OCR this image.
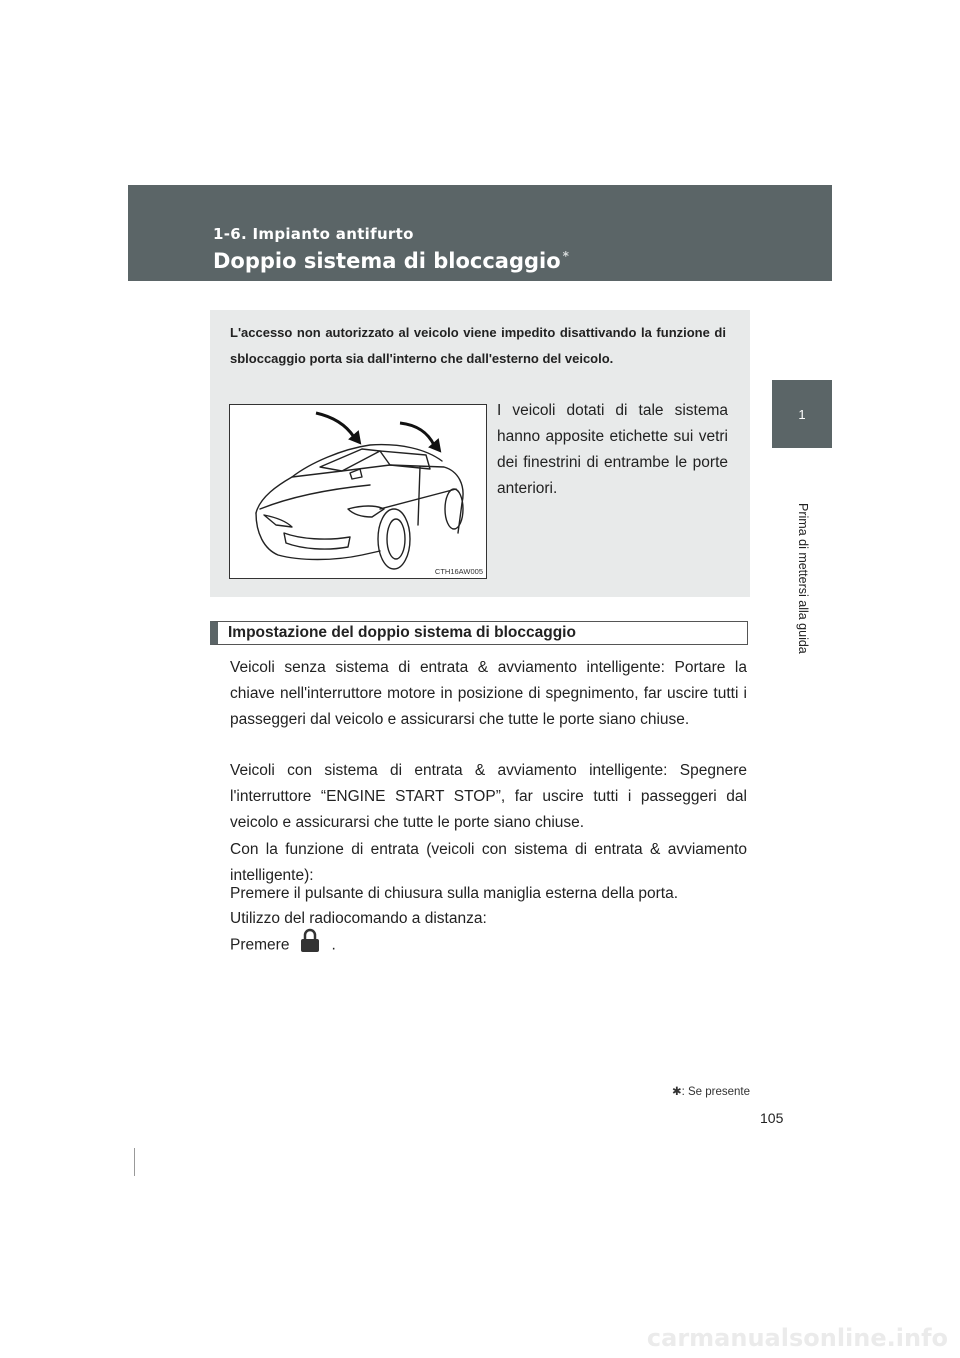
1-6. Impianto antifurto
Doppio sistema di bloccaggio *
1
Prima di mettersi alla guida
L'accesso non autorizzato al veicolo viene impedito disattivando la funzione di sbloccaggio porta sia dall'interno che dall'esterno del veicolo.
CTH16AW005
I veicoli dotati di tale sistema hanno apposite etichette sui vetri dei finestrini di entrambe le porte anteriori.
Impostazione del doppio sistema di bloccaggio

Veicoli senza sistema di entrata & avviamento intelligente: Portare la chiave nell'interruttore motore in posizione di spegnimento, far uscire tutti i passeggeri dal veicolo e assicurarsi che tutte le porte siano chiuse.

Veicoli con sistema di entrata & avviamento intelligente: Spegnere l'interruttore “ENGINE START STOP”, far uscire tutti i passeggeri dal veicolo e assicurarsi che tutte le porte siano chiuse.

Con la funzione di entrata (veicoli con sistema di entrata & avviamento intelligente):

Premere il pulsante di chiusura sulla maniglia esterna della porta.

Utilizzo del radiocomando a distanza:

Premere	.
✱: Se presente
105
carmanualsonline.info
